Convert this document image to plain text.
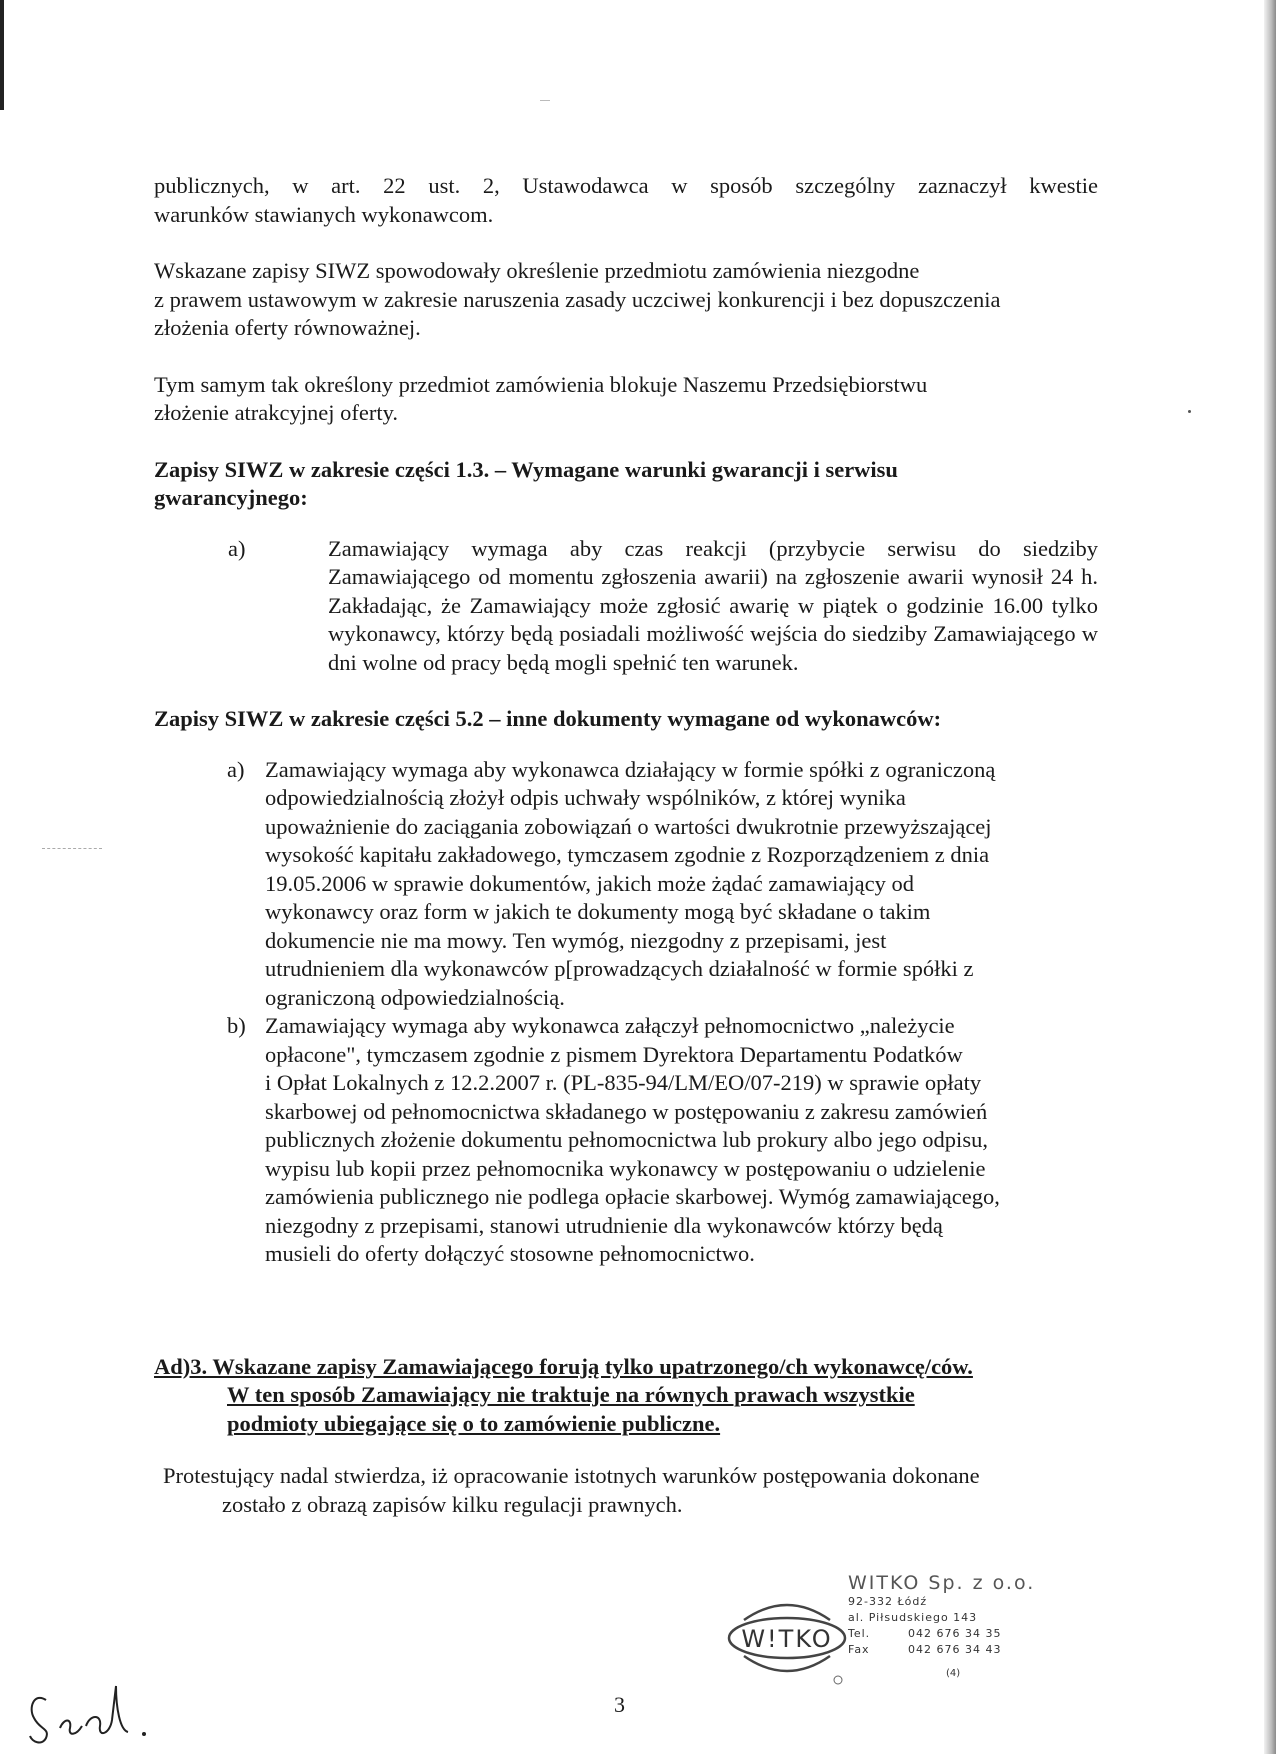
publicznych, w art. 22 ust. 2, Ustawodawca w sposób szczególny zaznaczył kwestie

warunków stawianych wykonawcom.

Wskazane zapisy SIWZ spowodowały określenie przedmiotu zamówienia niezgodne

z prawem ustawowym w zakresie naruszenia zasady uczciwej konkurencji i bez dopuszczenia

złożenia oferty równoważnej.

Tym samym tak określony przedmiot zamówienia blokuje Naszemu Przedsiębiorstwu

złożenie atrakcyjnej oferty.

Zapisy SIWZ w zakresie części 1.3. – Wymagane warunki gwarancji i serwisu
gwarancyjnego:
a)	Zamawiający wymaga aby czas reakcji (przybycie serwisu do siedziby Zamawiającego od momentu zgłoszenia awarii) na zgłoszenie awarii wynosił 24 h. Zakładając, że Zamawiający może zgłosić awarię w piątek o godzinie 16.00 tylko wykonawcy, którzy będą posiadali możliwość wejścia do siedziby Zamawiającego w dni wolne od pracy będą mogli spełnić ten warunek.
Zapisy SIWZ w zakresie części 5.2 – inne dokumenty wymagane od wykonawców:
a) Zamawiający wymaga aby wykonawca działający w formie spółki z ograniczoną
odpowiedzialnością złożył odpis uchwały wspólników, z której wynika
upoważnienie do zaciągania zobowiązań o wartości dwukrotnie przewyższającej
wysokość kapitału zakładowego, tymczasem zgodnie z Rozporządzeniem z dnia
19.05.2006 w sprawie dokumentów, jakich może żądać zamawiający od
wykonawcy oraz form w jakich te dokumenty mogą być składane o takim
dokumencie nie ma mowy. Ten wymóg, niezgodny z przepisami, jest
utrudnieniem dla wykonawców p[prowadzących działalność w formie spółki z
ograniczoną odpowiedzialnością.
b) Zamawiający wymaga aby wykonawca załączył pełnomocnictwo „należycie
opłacone", tymczasem zgodnie z pismem Dyrektora Departamentu Podatków
i Opłat Lokalnych z 12.2.2007 r. (PL-835-94/LM/EO/07-219) w sprawie opłaty
skarbowej od pełnomocnictwa składanego w postępowaniu z zakresu zamówień
publicznych złożenie dokumentu pełnomocnictwa lub prokury albo jego odpisu,
wypisu lub kopii przez pełnomocnika wykonawcy w postępowaniu o udzielenie
zamówienia publicznego nie podlega opłacie skarbowej. Wymóg zamawiającego,
niezgodny z przepisami, stanowi utrudnienie dla wykonawców którzy będą
musieli do oferty dołączyć stosowne pełnomocnictwo.
Ad)3. Wskazane zapisy Zamawiającego forują tylko upatrzonego/ch wykonawcę/ców.
W ten sposób Zamawiający nie traktuje na równych prawach wszystkie
podmioty ubiegające się o to zamówienie publiczne.
Protestujący nadal stwierdza, iż opracowanie istotnych warunków postępowania dokonane
zostało z obrazą zapisów kilku regulacji prawnych.
W!TKO
WITKO Sp. z o.o.
92-332 Łódź
al. Piłsudskiego 143
Tel.	042 676 34 35
Fax	042 676 34 43
(4)
3
